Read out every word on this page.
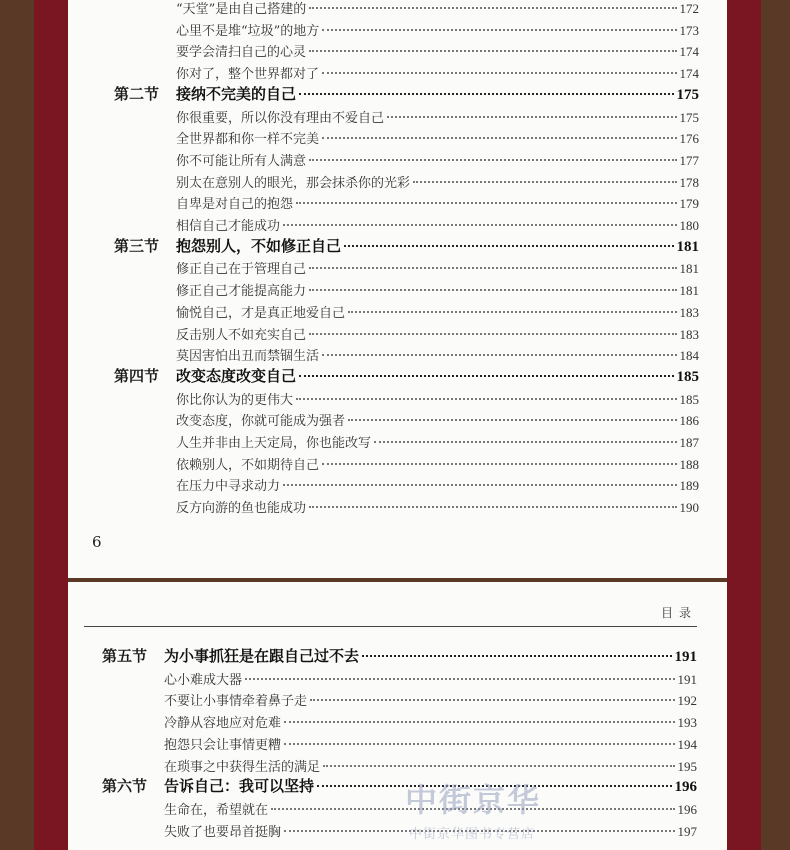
“天堂”是由自己搭建的	172
心里不是堆“垃圾”的地方	173
要学会清扫自己的心灵	174
你对了，整个世界都对了	174
第二节 接纳不完美的自己	175
你很重要，所以你没有理由不爱自己	175
全世界都和你一样不完美	176
你不可能让所有人满意	177
别太在意别人的眼光，那会抹杀你的光彩	178
自卑是对自己的抱怨	179
相信自己才能成功	180
第三节 抱怨别人，不如修正自己	181
修正自己在于管理自己	181
修正自己才能提高能力	181
愉悦自己，才是真正地爱自己	183
反击别人不如充实自己	183
莫因害怕出丑而禁锢生活	184
第四节 改变态度改变自己	185
你比你认为的更伟大	185
改变态度，你就可能成为强者	186
人生并非由上天定局，你也能改写	187
依赖别人，不如期待自己	188
在压力中寻求动力	189
反方向游的鱼也能成功	190
6
目录
第五节 为小事抓狂是在跟自己过不去	191
心小难成大器	191
不要让小事情牵着鼻子走	192
冷静从容地应对危难	193
抱怨只会让事情更糟	194
在琐事之中获得生活的满足	195
第六节 告诉自己：我可以坚持	196
生命在，希望就在	196
失败了也要昂首挺胸	197
中街京华
中街京华图书专营店
